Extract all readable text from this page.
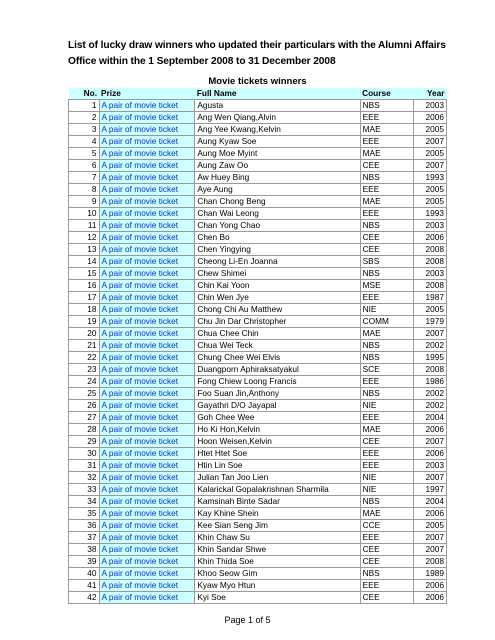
List of lucky draw winners who updated their particulars with the Alumni Affairs Office within the 1 September 2008 to 31 December 2008
Movie tickets winners				
No.	Prize	Full Name	Course	Year
1	A pair of movie ticket	Agusta	NBS	2003
2	A pair of movie ticket	Ang Wen Qiang,Alvin	EEE	2006
3	A pair of movie ticket	Ang Yee Kwang,Kelvin	MAE	2005
4	A pair of movie ticket	Aung Kyaw Soe	EEE	2007
5	A pair of movie ticket	Aung Moe Myint	MAE	2005
6	A pair of movie ticket	Aung Zaw Oo	CEE	2007
7	A pair of movie ticket	Aw Huey Bing	NBS	1993
8	A pair of movie ticket	Aye Aung	EEE	2005
9	A pair of movie ticket	Chan Chong Beng	MAE	2005
10	A pair of movie ticket	Chan Wai Leong	EEE	1993
11	A pair of movie ticket	Chan Yong Chao	NBS	2003
12	A pair of movie ticket	Chen Bo	CEE	2006
13	A pair of movie ticket	Chen Yingying	CEE	2008
14	A pair of movie ticket	Cheong Li-En Joanna	SBS	2008
15	A pair of movie ticket	Chew Shimei	NBS	2003
16	A pair of movie ticket	Chin Kai Yoon	MSE	2008
17	A pair of movie ticket	Chin Wen Jye	EEE	1987
18	A pair of movie ticket	Chong Chi Au Matthew	NIE	2005
19	A pair of movie ticket	Chu Jin Dar Christopher	COMM	1979
20	A pair of movie ticket	Chua Chee Chin	MAE	2007
21	A pair of movie ticket	Chua Wei Teck	NBS	2002
22	A pair of movie ticket	Chung Chee Wei Elvis	NBS	1995
23	A pair of movie ticket	Duangporn Aphiraksatyakul	SCE	2008
24	A pair of movie ticket	Fong Chiew Loong Francis	EEE	1986
25	A pair of movie ticket	Foo Suan Jin,Anthony	NBS	2002
26	A pair of movie ticket	Gayathri D/O Jayapal	NIE	2002
27	A pair of movie ticket	Goh Chee Wee	EEE	2004
28	A pair of movie ticket	Ho Ki Hon,Kelvin	MAE	2006
29	A pair of movie ticket	Hoon Weisen,Kelvin	CEE	2007
30	A pair of movie ticket	Htet Htet Soe	EEE	2006
31	A pair of movie ticket	Htin Lin Soe	EEE	2003
32	A pair of movie ticket	Julian Tan Joo Lien	NIE	2007
33	A pair of movie ticket	Kalarickal Gopalakrishnan Sharmila	NIE	1997
34	A pair of movie ticket	Kamsinah Binte Sadar	NBS	2004
35	A pair of movie ticket	Kay Khine Shein	MAE	2006
36	A pair of movie ticket	Kee Sian Seng Jim	CCE	2005
37	A pair of movie ticket	Khin Chaw Su	EEE	2007
38	A pair of movie ticket	Khin Sandar Shwe	CEE	2007
39	A pair of movie ticket	Khin Thida Soe	CEE	2008
40	A pair of movie ticket	Khoo Seow Gim	NBS	1989
41	A pair of movie ticket	Kyaw Myo Htun	EEE	2006
42	A pair of movie ticket	Kyi Soe	CEE	2006
Page 1 of 5
